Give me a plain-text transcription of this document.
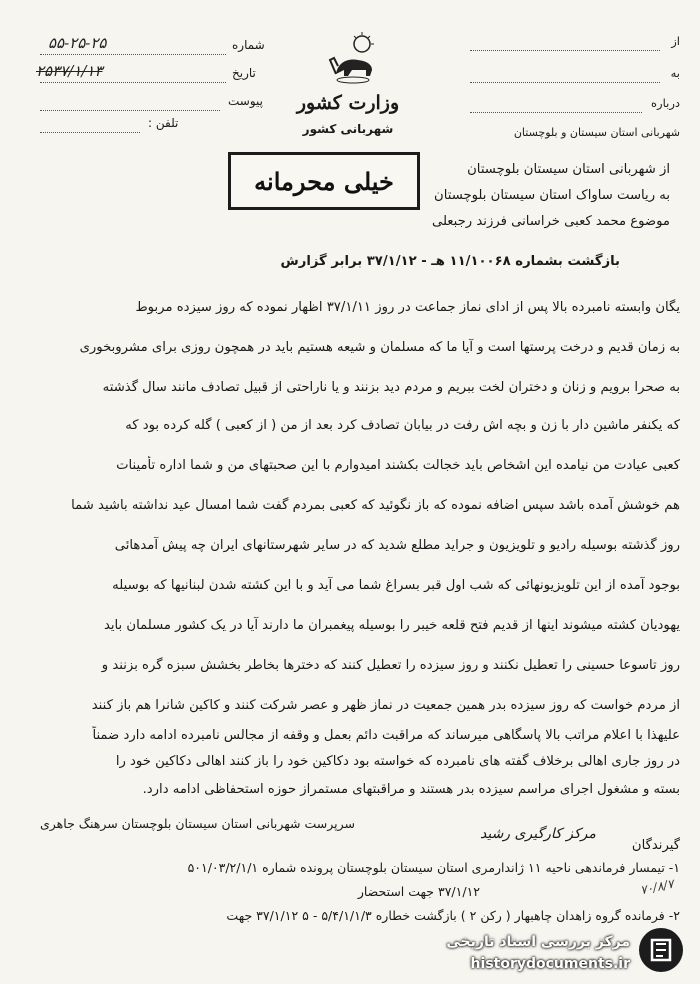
شماره
۵۵-۲۵-۲۵
تاریخ
۲۵۳۷/۱/۱۳
پیوست
تلفن :
وزارت کشور
شهربانی کشور
از
به
درباره
شهربانی استان سیستان و بلوچستان
خیلی محرمانه	از شهربانی استان سیستان بلوچستان
به ریاست ساواک استان سیستان بلوچستان
موضوع محمد کعبی خراسانی فرزند رجبعلی
بازگشت بشماره ۱۱/۱۰۰۶۸ هـ - ۳۷/۱/۱۲ برابر گزارش
یگان وابسته نامبرده بالا پس از ادای نماز جماعت در روز ۳۷/۱/۱۱ اظهار نموده که روز سیزده مربوط
به زمان قدیم و درخت پرستها است و آیا ما که مسلمان و شیعه هستیم باید در همچون روزی برای مشروبخوری
به صحرا برویم و زنان و دختران لخت ببریم و مردم دید بزنند و یا ناراحتی از قبیل تصادف مانند سال گذشته
که یکنفر ماشین دار با زن و بچه اش رفت در بیابان تصادف کرد بعد از من ( از کعبی ) گله کرده بود که
کعبی عیادت من نیامده این اشخاص باید خجالت بکشند امیدوارم با این صحبتهای من و شما اداره تأمینات
هم خوشش آمده باشد سپس اضافه نموده که باز نگوئید که کعبی بمردم گفت شما امسال عید نداشته باشید شما
روز گذشته بوسیله رادیو و تلویزیون و جراید مطلع شدید که در سایر شهرستانهای ایران چه پیش آمدهائی
بوجود آمده از این تلویزیونهائی که شب اول قبر بسراغ شما می آید و با این کشته شدن لبنانیها که بوسیله
یهودیان کشته میشوند اینها از قدیم فتح قلعه خیبر را بوسیله پیغمبران ما دارند آیا در یک کشور مسلمان باید
روز تاسوعا حسینی را تعطیل نکنند و روز سیزده را تعطیل کنند که دخترها بخاطر بخشش سبزه گره بزنند و
از مردم خواست که روز سیزده بدر همین جمعیت در نماز ظهر و عصر شرکت کنند و کاکین شانرا هم باز کنند
علیهذا با اعلام مراتب بالا پاسگاهی میرساند که مراقبت دائم بعمل و وقفه از مجالس نامبرده ادامه دارد ضمناً
در روز جاری اهالی برخلاف گفته های نامبرده که خواسته بود دکاکین خود را باز کنند اهالی دکاکین خود را
بسته و مشغول اجرای مراسم سیزده بدر هستند و مراقبتهای مستمراز حوزه استحفاظی ادامه دارد.
سرپرست شهربانی استان سیستان بلوچستان سرهنگ جاهری
مرکز کارگیری رشید
گیرندگان
۱- تیمسار فرماندهی ناحیه ۱۱ ژاندارمری استان سیستان بلوچستان پرونده شماره ۵۰۱/۰۳/۲/۱/۱
۳۷/۱/۱۲ جهت استحضار
۲- فرمانده گروه زاهدان چاهبهار ( رکن ۲ ) بازگشت خطاره ۵/۴/۱/۱/۳ - ۵ ۳۷/۱/۱۲ جهت
۷۰/۸/۷
مرکز بررسی اسناد تاریخی
historydocuments.ir
